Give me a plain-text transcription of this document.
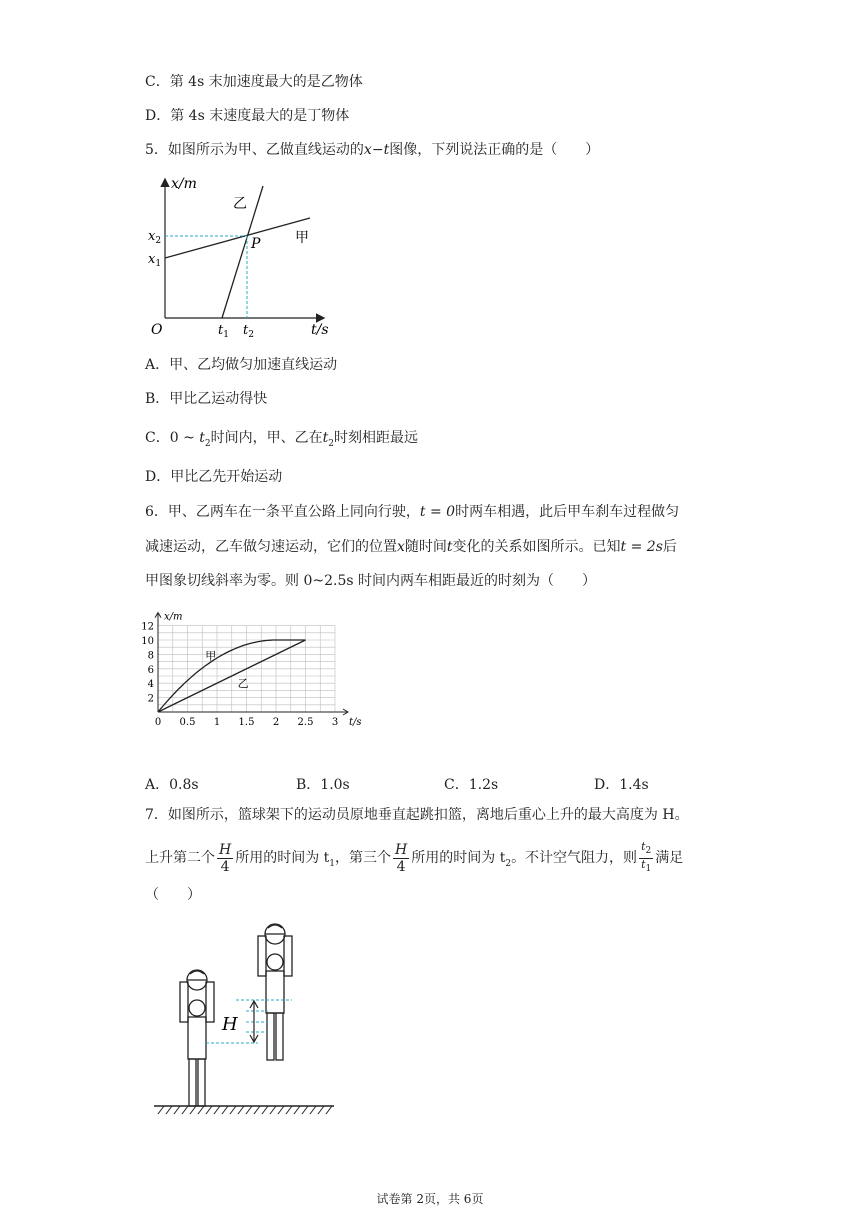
C．第 4s 末加速度最大的是乙物体
D．第 4s 末速度最大的是丁物体
5．如图所示为甲、乙做直线运动的x−t图像，下列说法正确的是（　　）
x/m
t/s
O
$x_2$
$x_1$
$t_1$ $t_2$
P 甲
乙
A．甲、乙均做匀加速直线运动
B．甲比乙运动得快
C．0 ~ $t_2$时间内，甲、乙在$t_2$时刻相距最远
D．甲比乙先开始运动
6．甲、乙两车在一条平直公路上同向行驶，t = 0时两车相遇，此后甲车刹车过程做匀
减速运动，乙车做匀速运动，它们的位置x随时间t变化的关系如图所示。已知t = 2s后
甲图象切线斜率为零。则 0~2.5s 时间内两车相距最近的时刻为（　　）
0 0.5 1 1.5 2 2.5 3
2
4
6
8
10
12
x/m
t/s
甲
乙
A．0.8s	B．1.0s	C．1.2s	D．1.4s
7．如图所示，篮球架下的运动员原地垂直起跳扣篮，离地后重心上升的最大高度为 H。
上升第二个 $\frac{H}{4}$ 所用的时间为 $t_1$，第三个 $\frac{H}{4}$ 所用的时间为 $t_2$。不计空气阻力，则 $\frac{t_2}{t_1}$ 满足
（　　）
H
试卷第 2页，共 6页
